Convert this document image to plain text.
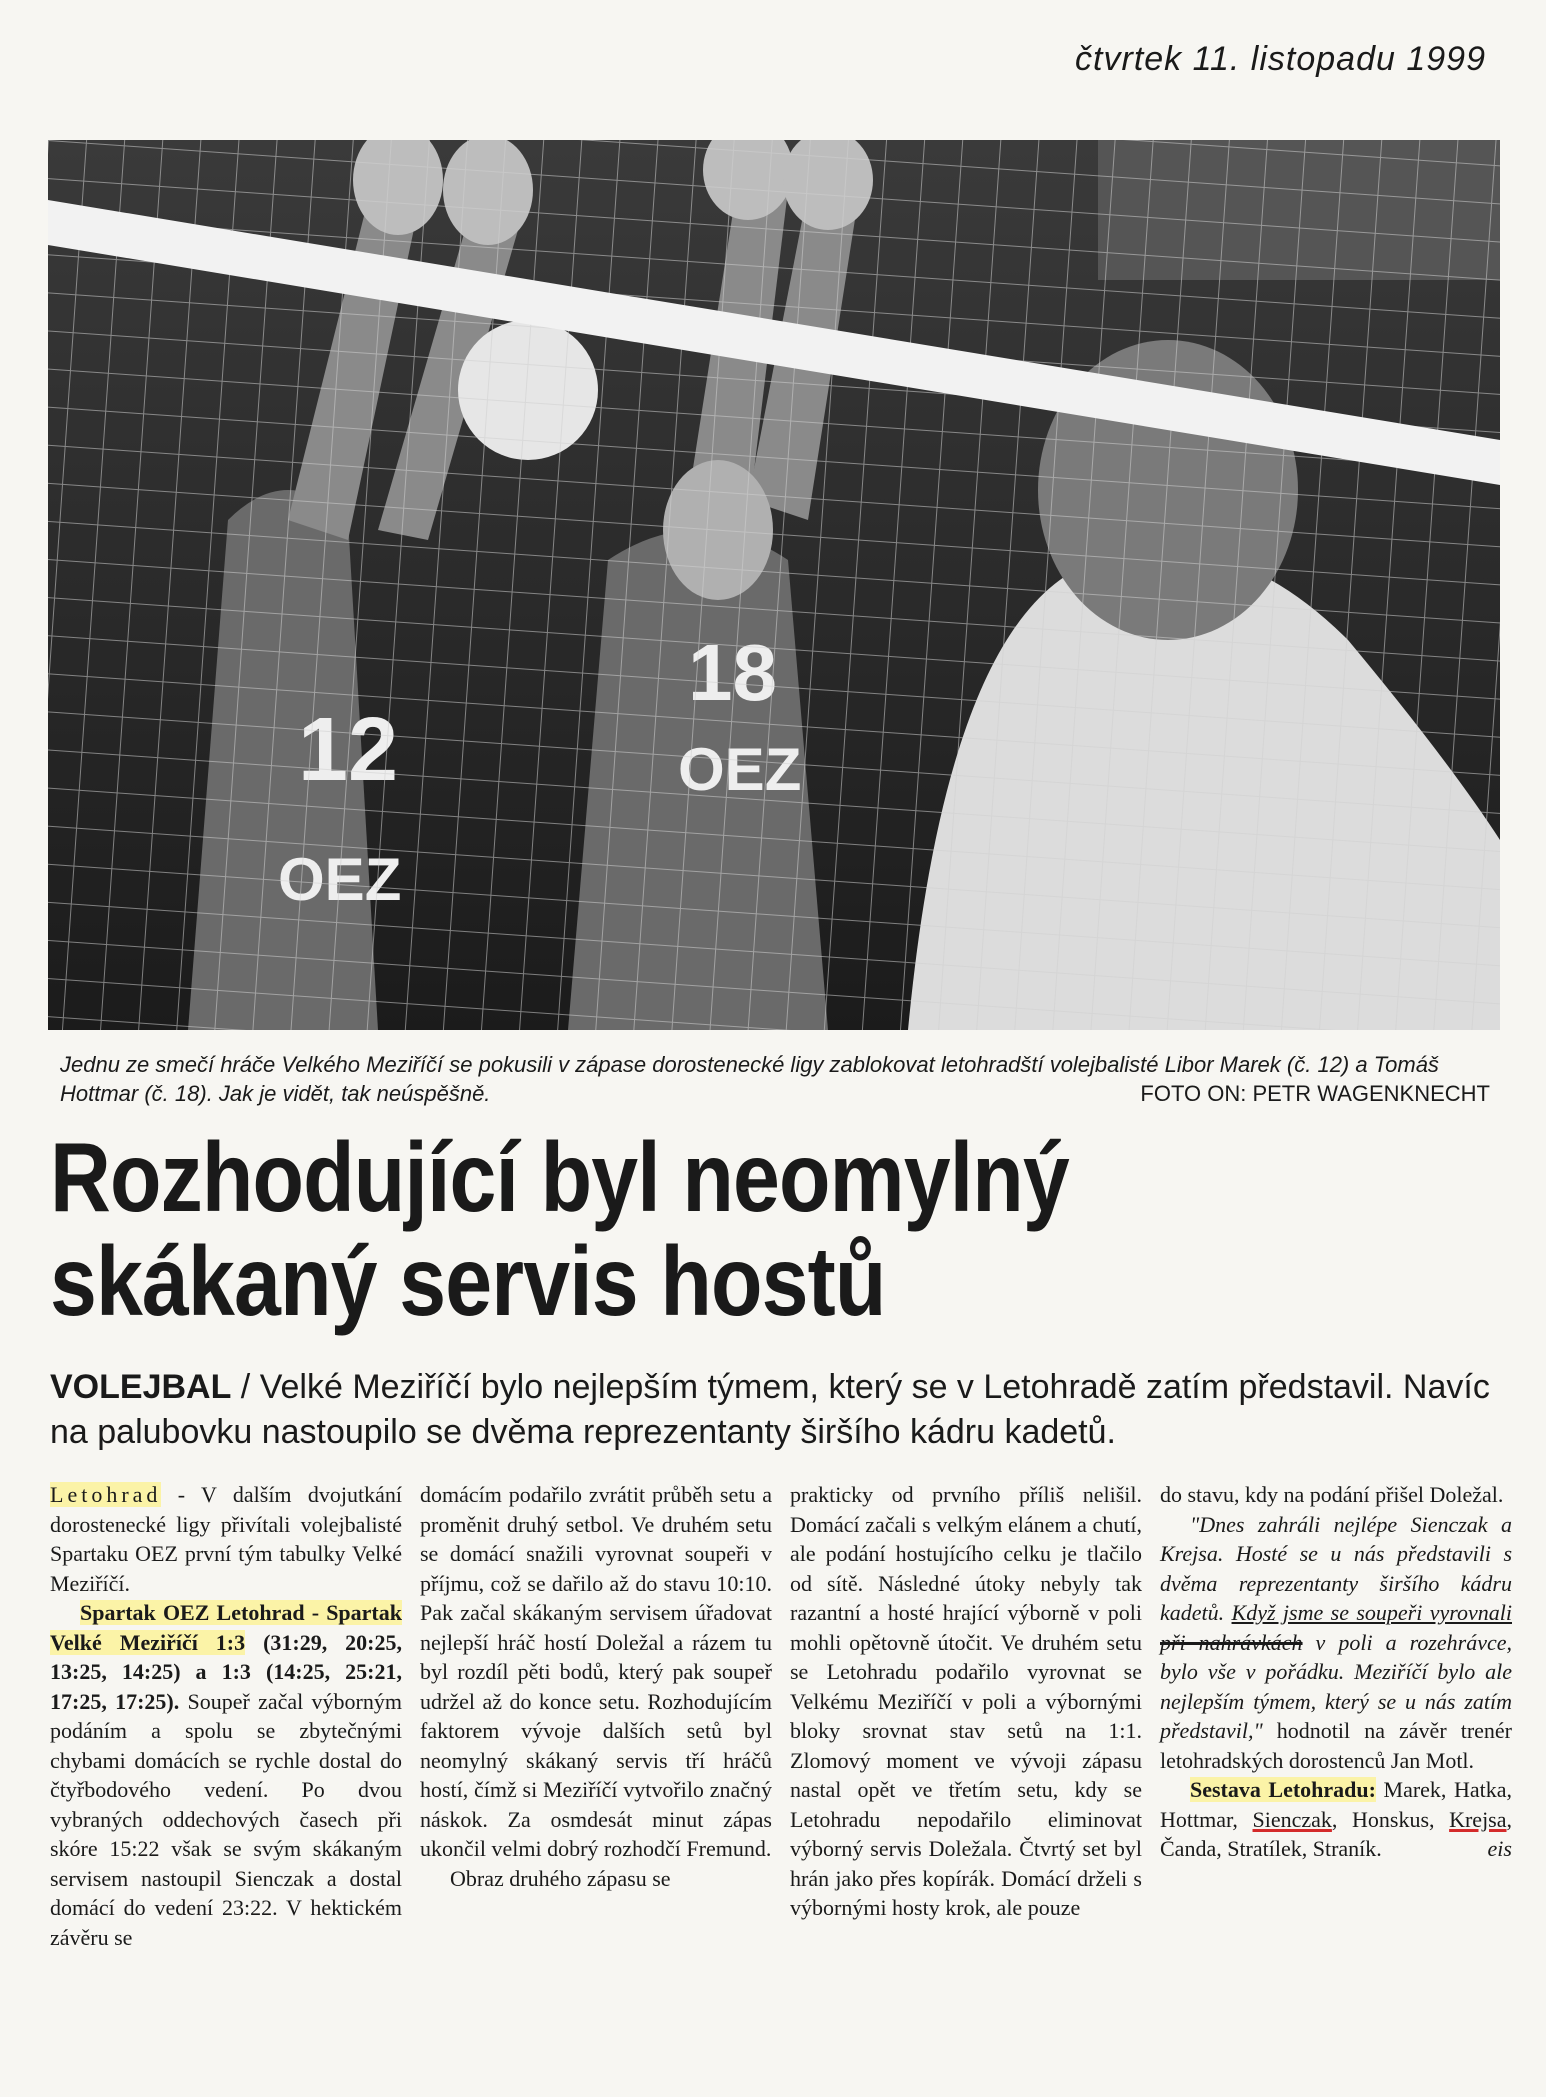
čtvrtek 11. listopadu 1999
Jednu ze smečí hráče Velkého Meziříčí se pokusili v zápase dorostenecké ligy zablokovat letohradští volejbalisté Libor Marek (č. 12) a Tomáš Hottmar (č. 18). Jak je vidět, tak neúspěšně.	FOTO ON: PETR WAGENKNECHT
Rozhodující byl neomylný
skákaný servis hostů
VOLEJBAL / Velké Meziříčí bylo nejlepším týmem, který se v Letohradě zatím představil. Navíc na palubovku nastoupilo se dvěma reprezentanty širšího kádru kadetů.

Letohrad - V dalším dvojutkání dorostenecké ligy přivítali volejbalisté Spartaku OEZ první tým tabulky Velké Meziříčí.

Spartak OEZ Letohrad - Spartak Velké Meziříčí 1:3 (31:29, 20:25, 13:25, 14:25) a 1:3 (14:25, 25:21, 17:25, 17:25). Soupeř začal výborným podáním a spolu se zbytečnými chybami domácích se rychle dostal do čtyřbodového vedení. Po dvou vybraných oddechových časech při skóre 15:22 však se svým skákaným servisem nastoupil Sienczak a dostal domácí do vedení 23:22. V hektickém závěru se

domácím podařilo zvrátit průběh setu a proměnit druhý setbol. Ve druhém setu se domácí snažili vyrovnat soupeři v příjmu, což se dařilo až do stavu 10:10. Pak začal skákaným servisem úřadovat nejlepší hráč hostí Doležal a rázem tu byl rozdíl pěti bodů, který pak soupeř udržel až do konce setu. Rozhodujícím faktorem vývoje dalších setů byl neomylný skákaný servis tří hráčů hostí, čímž si Meziříčí vytvořilo značný náskok. Za osmdesát minut zápas ukončil velmi dobrý rozhodčí Fremund.

Obraz druhého zápasu se

prakticky od prvního příliš nelišil. Domácí začali s velkým elánem a chutí, ale podání hostujícího celku je tlačilo od sítě. Následné útoky nebyly tak razantní a hosté hrající výborně v poli mohli opětovně útočit. Ve druhém setu se Letohradu podařilo vyrovnat se Velkému Meziříčí v poli a výbornými bloky srovnat stav setů na 1:1. Zlomový moment ve vývoji zápasu nastal opět ve třetím setu, kdy se Letohradu nepodařilo eliminovat výborný servis Doležala. Čtvrtý set byl hrán jako přes kopírák. Domácí drželi s výbornými hosty krok, ale pouze

do stavu, kdy na podání přišel Doležal.

"Dnes zahráli nejlépe Sienczak a Krejsa. Hosté se u nás představili s dvěma reprezentanty širšího kádru kadetů. Když jsme se soupeři vyrovnali při nahrávkách v poli a rozehrávce, bylo vše v pořádku. Meziříčí bylo ale nejlepším týmem, který se u nás zatím představil," hodnotil na závěr trenér letohradských dorostenců Jan Motl.

Sestava Letohradu: Marek, Hatka, Hottmar, Sienczak, Honskus, Krejsa, Čanda, Stratílek, Straník.	eis
